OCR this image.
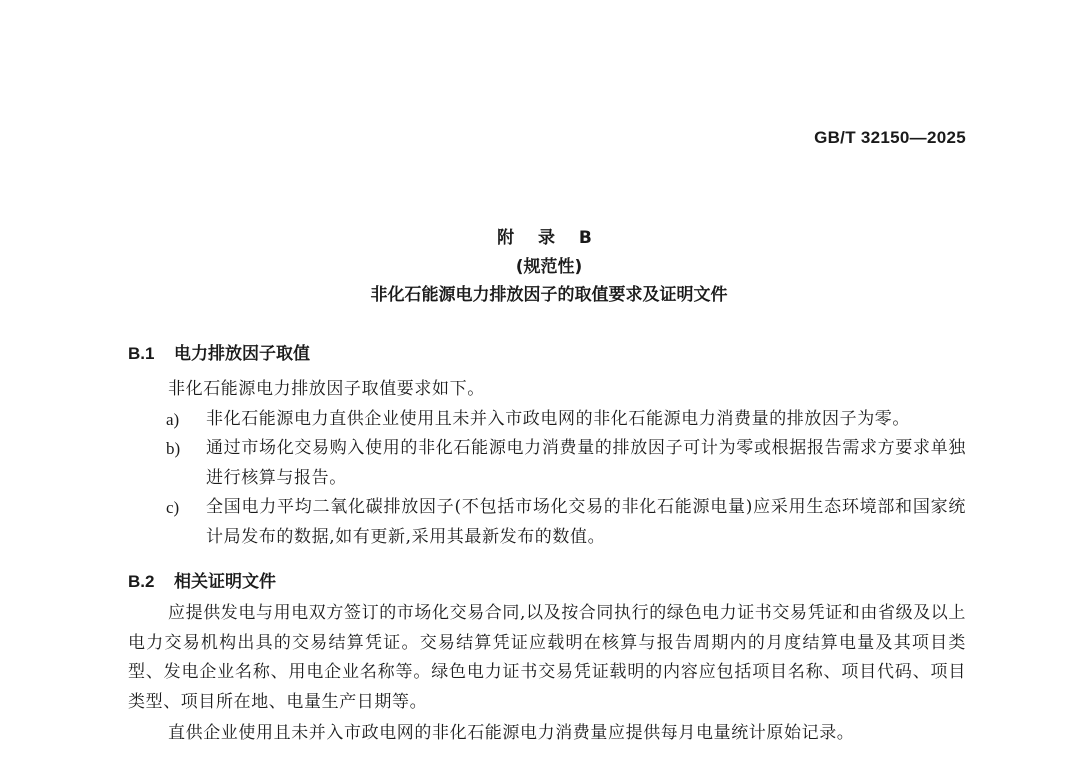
GB/T 32150—2025
附 录 B
(规范性)
非化石能源电力排放因子的取值要求及证明文件
B.1 电力排放因子取值
非化石能源电力排放因子取值要求如下。
a)	非化石能源电力直供企业使用且未并入市政电网的非化石能源电力消费量的排放因子为零。
b)	通过市场化交易购入使用的非化石能源电力消费量的排放因子可计为零或根据报告需求方要求单独进行核算与报告。
c)	全国电力平均二氧化碳排放因子(不包括市场化交易的非化石能源电量)应采用生态环境部和国家统计局发布的数据,如有更新,采用其最新发布的数值。
B.2 相关证明文件
应提供发电与用电双方签订的市场化交易合同,以及按合同执行的绿色电力证书交易凭证和由省级及以上电力交易机构出具的交易结算凭证。交易结算凭证应载明在核算与报告周期内的月度结算电量及其项目类型、发电企业名称、用电企业名称等。绿色电力证书交易凭证载明的内容应包括项目名称、项目代码、项目类型、项目所在地、电量生产日期等。
直供企业使用且未并入市政电网的非化石能源电力消费量应提供每月电量统计原始记录。
